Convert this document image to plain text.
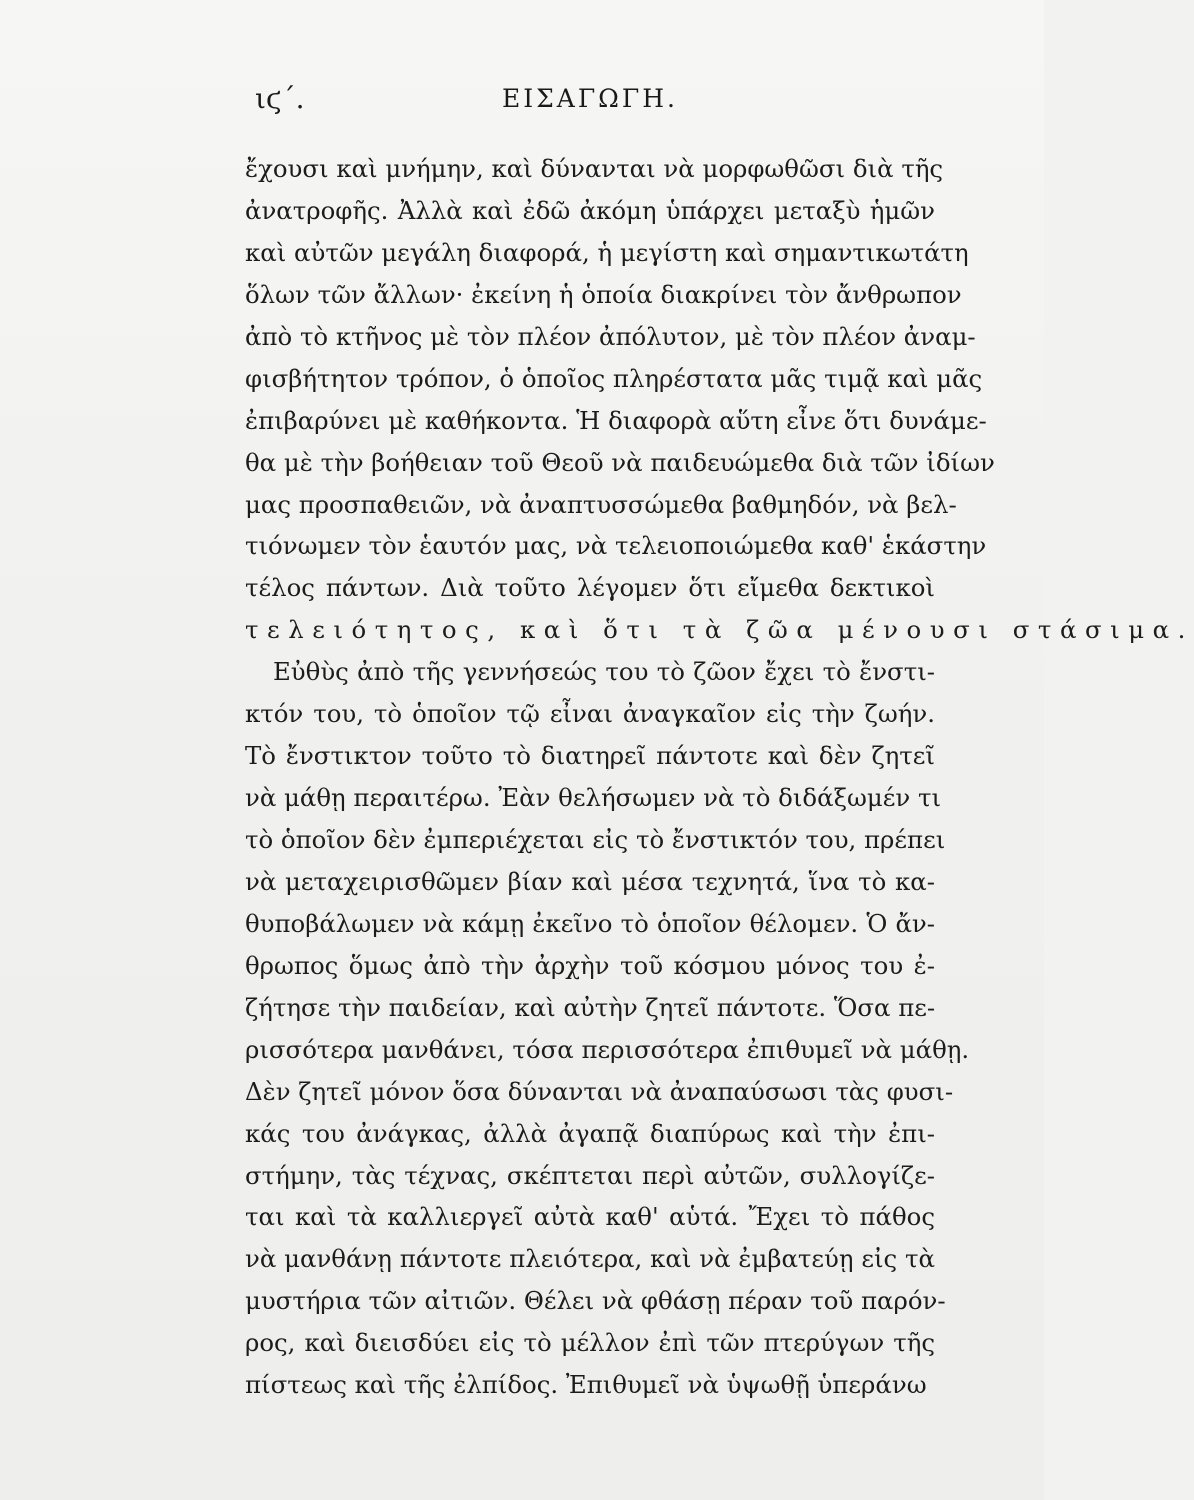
ιϛ΄.	ΕΙΣΑΓΩΓΗ.
ἔχουσι καὶ μνήμην, καὶ δύνανται νὰ μορφωθῶσι διὰ τῆς
ἀνατροφῆς. Ἀλλὰ καὶ ἐδῶ ἀκόμη ὑπάρχει μεταξὺ ἡμῶν
καὶ αὐτῶν μεγάλη διαφορά, ἡ μεγίστη καὶ σημαντικωτάτη
ὅλων τῶν ἄλλων· ἐκείνη ἡ ὁποία διακρίνει τὸν ἄνθρωπον
ἀπὸ τὸ κτῆνος μὲ τὸν πλέον ἀπόλυτον, μὲ τὸν πλέον ἀναμ-
φισβήτητον τρόπον, ὁ ὁποῖος πληρέστατα μᾶς τιμᾷ καὶ μᾶς
ἐπιβαρύνει μὲ καθήκοντα. Ἡ διαφορὰ αὕτη εἶνε ὅτι δυνάμε-
θα μὲ τὴν βοήθειαν τοῦ Θεοῦ νὰ παιδευώμεθα διὰ τῶν ἰδίων
μας προσπαθειῶν, νὰ ἀναπτυσσώμεθα βαθμηδόν, νὰ βελ-
τιόνωμεν τὸν ἑαυτόν μας, νὰ τελειοποιώμεθα καθ' ἑκάστην
τέλος πάντων. Διὰ τοῦτο λέγομεν ὅτι εἴμεθα δεκτικοὶ
τελειότητος, καὶ ὅτι τὰ ζῶα μένουσι στάσιμα.
Εὐθὺς ἀπὸ τῆς γεννήσεώς του τὸ ζῶον ἔχει τὸ ἔνστι-
κτόν του, τὸ ὁποῖον τῷ εἶναι ἀναγκαῖον εἰς τὴν ζωήν.
Τὸ ἔνστικτον τοῦτο τὸ διατηρεῖ πάντοτε καὶ δὲν ζητεῖ
νὰ μάθῃ περαιτέρω. Ἐὰν θελήσωμεν νὰ τὸ διδάξωμέν τι
τὸ ὁποῖον δὲν ἐμπεριέχεται εἰς τὸ ἔνστικτόν του, πρέπει
νὰ μεταχειρισθῶμεν βίαν καὶ μέσα τεχνητά, ἵνα τὸ κα-
θυποβάλωμεν νὰ κάμῃ ἐκεῖνο τὸ ὁποῖον θέλομεν. Ὁ ἄν-
θρωπος ὅμως ἀπὸ τὴν ἀρχὴν τοῦ κόσμου μόνος του ἐ-
ζήτησε τὴν παιδείαν, καὶ αὐτὴν ζητεῖ πάντοτε. Ὅσα πε-
ρισσότερα μανθάνει, τόσα περισσότερα ἐπιθυμεῖ νὰ μάθῃ.
Δὲν ζητεῖ μόνον ὅσα δύνανται νὰ ἀναπαύσωσι τὰς φυσι-
κάς του ἀνάγκας, ἀλλὰ ἀγαπᾷ διαπύρως καὶ τὴν ἐπι-
στήμην, τὰς τέχνας, σκέπτεται περὶ αὐτῶν, συλλογίζε-
ται καὶ τὰ καλλιεργεῖ αὐτὰ καθ' αὑτά. Ἔχει τὸ πάθος
νὰ μανθάνῃ πάντοτε πλειότερα, καὶ νὰ ἐμβατεύῃ εἰς τὰ
μυστήρια τῶν αἰτιῶν. Θέλει νὰ φθάσῃ πέραν τοῦ παρόν-
ρος, καὶ διεισδύει εἰς τὸ μέλλον ἐπὶ τῶν πτερύγων τῆς
πίστεως καὶ τῆς ἐλπίδος. Ἐπιθυμεῖ νὰ ὑψωθῇ ὑπεράνω
